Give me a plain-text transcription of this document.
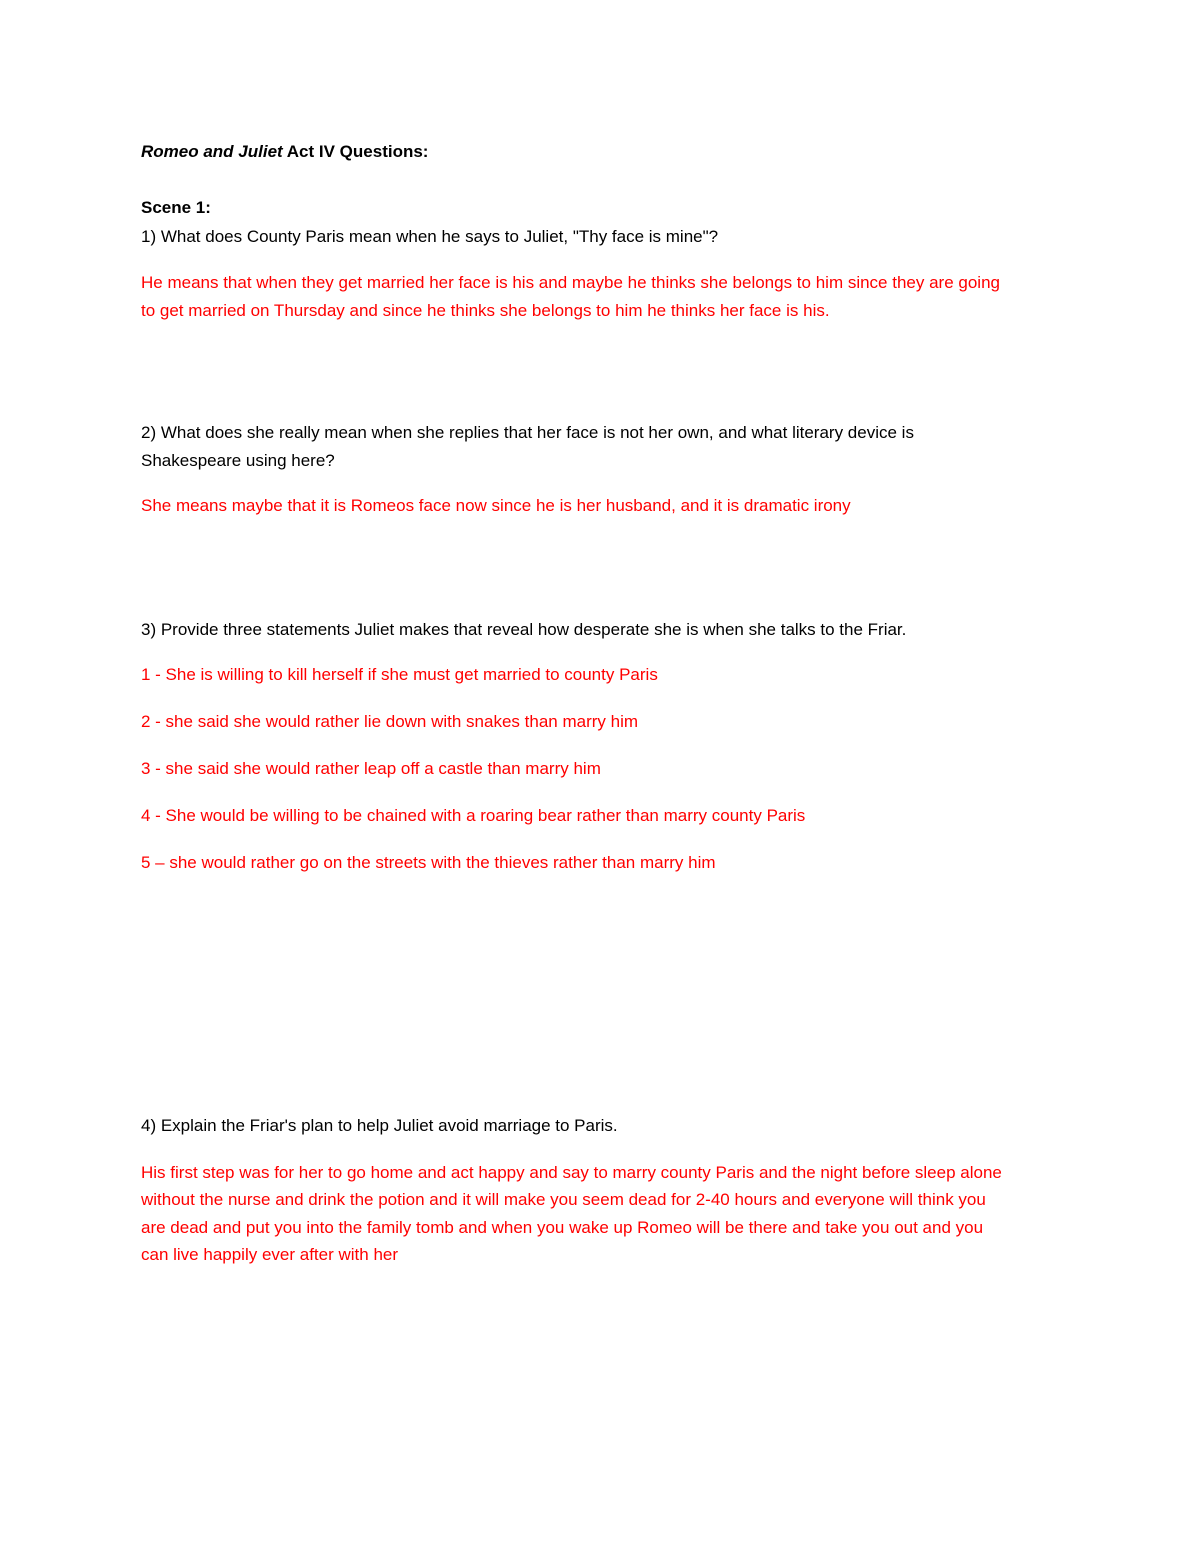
Romeo and Juliet Act IV Questions:
Scene 1:
1) What does County Paris mean when he says to Juliet, "Thy face is mine"?
He means that when they get married her face is his and maybe he thinks she belongs to him since they are going
to get married on Thursday and since he thinks she belongs to him he thinks her face is his.
2) What does she really mean when she replies that her face is not her own, and what literary device is
Shakespeare using here?
She means maybe that it is Romeos face now since he is her husband, and it is dramatic irony
3) Provide three statements Juliet makes that reveal how desperate she is when she talks to the Friar.
1 - She is willing to kill herself if she must get married to county Paris
2 - she said she would rather lie down with snakes than marry him
3 - she said she would rather leap off a castle than marry him
4 - She would be willing to be chained with a roaring bear rather than marry county Paris
5 – she would rather go on the streets with the thieves rather than marry him
4) Explain the Friar's plan to help Juliet avoid marriage to Paris.
His first step was for her to go home and act happy and say to marry county Paris and the night before sleep alone
without the nurse and drink the potion and it will make you seem dead for 2-40 hours and everyone will think you
are dead and put you into the family tomb and when you wake up Romeo will be there and take you out and you
can live happily ever after with her
